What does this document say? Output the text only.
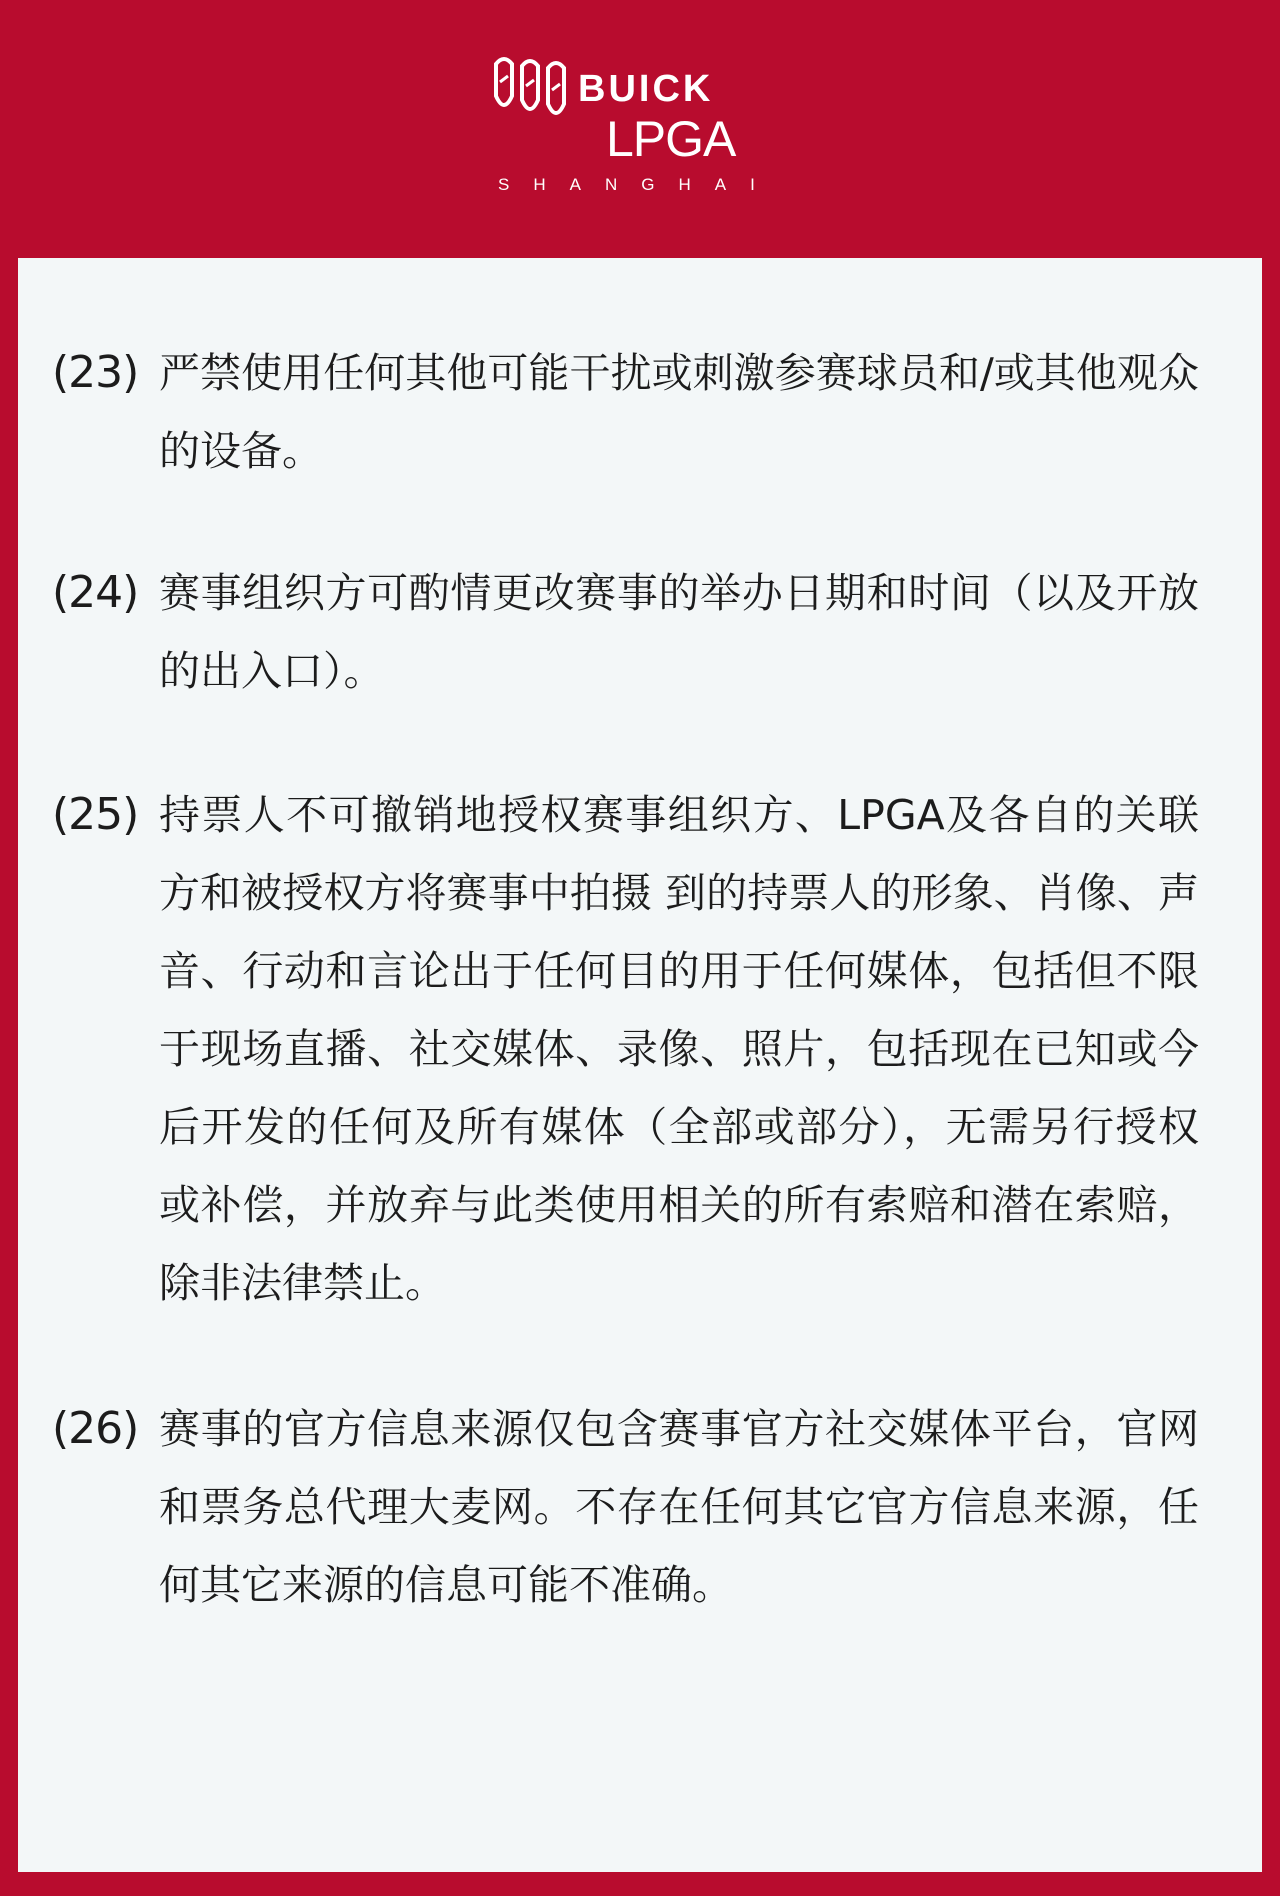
BUICK
LPGA
SHANGHAI
(23) 严禁使用任何其他可能干扰或刺激参赛球员和/或其他观众的设备。
(24) 赛事组织方可酌情更改赛事的举办日期和时间（以及开放的出入口）。
(25) 持票人不可撤销地授权赛事组织方、LPGA及各自的关联方和被授权方将赛事中拍摄 到的持票人的形象、肖像、声音、行动和言论出于任何目的用于任何媒体，包括但不限于现场直播、社交媒体、录像、照片，包括现在已知或今后开发的任何及所有媒体（全部或部分），无需另行授权或补偿，并放弃与此类使用相关的所有索赔和潜在索赔，除非法律禁止。
(26) 赛事的官方信息来源仅包含赛事官方社交媒体平台，官网和票务总代理大麦网。不存在任何其它官方信息来源，任何其它来源的信息可能不准确。
